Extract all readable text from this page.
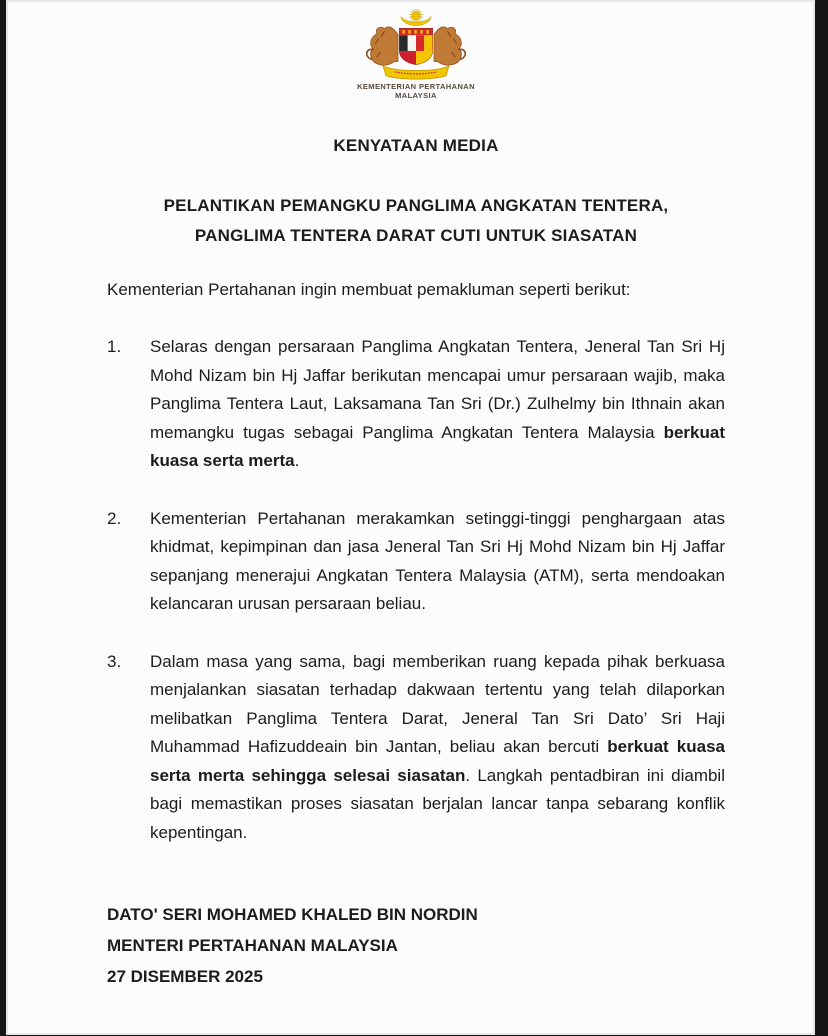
KEMENTERIAN PERTAHANAN
MALAYSIA
KENYATAAN MEDIA
PELANTIKAN PEMANGKU PANGLIMA ANGKATAN TENTERA,
PANGLIMA TENTERA DARAT CUTI UNTUK SIASATAN

Kementerian Pertahanan ingin membuat pemakluman seperti berikut:

1. Selaras dengan persaraan Panglima Angkatan Tentera, Jeneral Tan Sri Hj Mohd Nizam bin Hj Jaffar berikutan mencapai umur persaraan wajib, maka Panglima Tentera Laut, Laksamana Tan Sri (Dr.) Zulhelmy bin Ithnain akan memangku tugas sebagai Panglima Angkatan Tentera Malaysia berkuat kuasa serta merta.

2. Kementerian Pertahanan merakamkan setinggi-tinggi penghargaan atas khidmat, kepimpinan dan jasa Jeneral Tan Sri Hj Mohd Nizam bin Hj Jaffar sepanjang menerajui Angkatan Tentera Malaysia (ATM), serta mendoakan kelancaran urusan persaraan beliau.

3. Dalam masa yang sama, bagi memberikan ruang kepada pihak berkuasa menjalankan siasatan terhadap dakwaan tertentu yang telah dilaporkan melibatkan Panglima Tentera Darat, Jeneral Tan Sri Dato’ Sri Haji Muhammad Hafizuddeain bin Jantan, beliau akan bercuti berkuat kuasa serta merta sehingga selesai siasatan. Langkah pentadbiran ini diambil bagi memastikan proses siasatan berjalan lancar tanpa sebarang konflik kepentingan.

DATO' SERI MOHAMED KHALED BIN NORDIN
MENTERI PERTAHANAN MALAYSIA
27 DISEMBER 2025
